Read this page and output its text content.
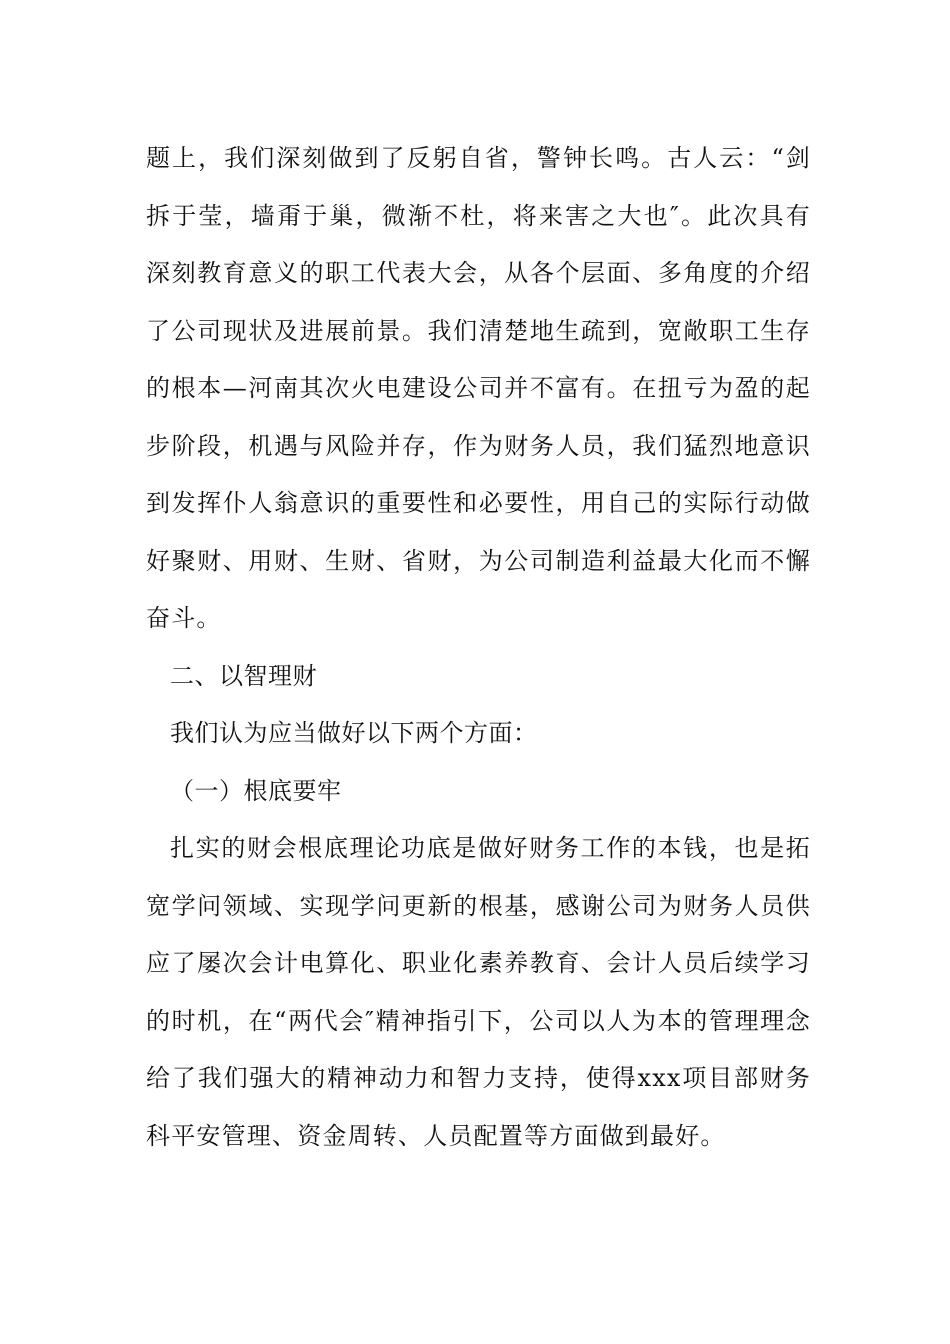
题上，我们深刻做到了反躬自省，警钟长鸣。古人云：“剑拆于莹，墙甭于巢，微渐不杜，将来害之大也″。此次具有深刻教育意义的职工代表大会，从各个层面、多角度的介绍了公司现状及进展前景。我们清楚地生疏到，宽敞职工生存的根本—河南其次火电建设公司并不富有。在扭亏为盈的起步阶段，机遇与风险并存，作为财务人员，我们猛烈地意识到发挥仆人翁意识的重要性和必要性，用自己的实际行动做好聚财、用财、生财、省财，为公司制造利益最大化而不懈奋斗。

二、以智理财

我们认为应当做好以下两个方面：

（一）根底要牢

扎实的财会根底理论功底是做好财务工作的本钱，也是拓宽学问领域、实现学问更新的根基，感谢公司为财务人员供应了屡次会计电算化、职业化素养教育、会计人员后续学习的时机，在“两代会″精神指引下，公司以人为本的管理理念给了我们强大的精神动力和智力支持，使得xxx项目部财务科平安管理、资金周转、人员配置等方面做到最好。
